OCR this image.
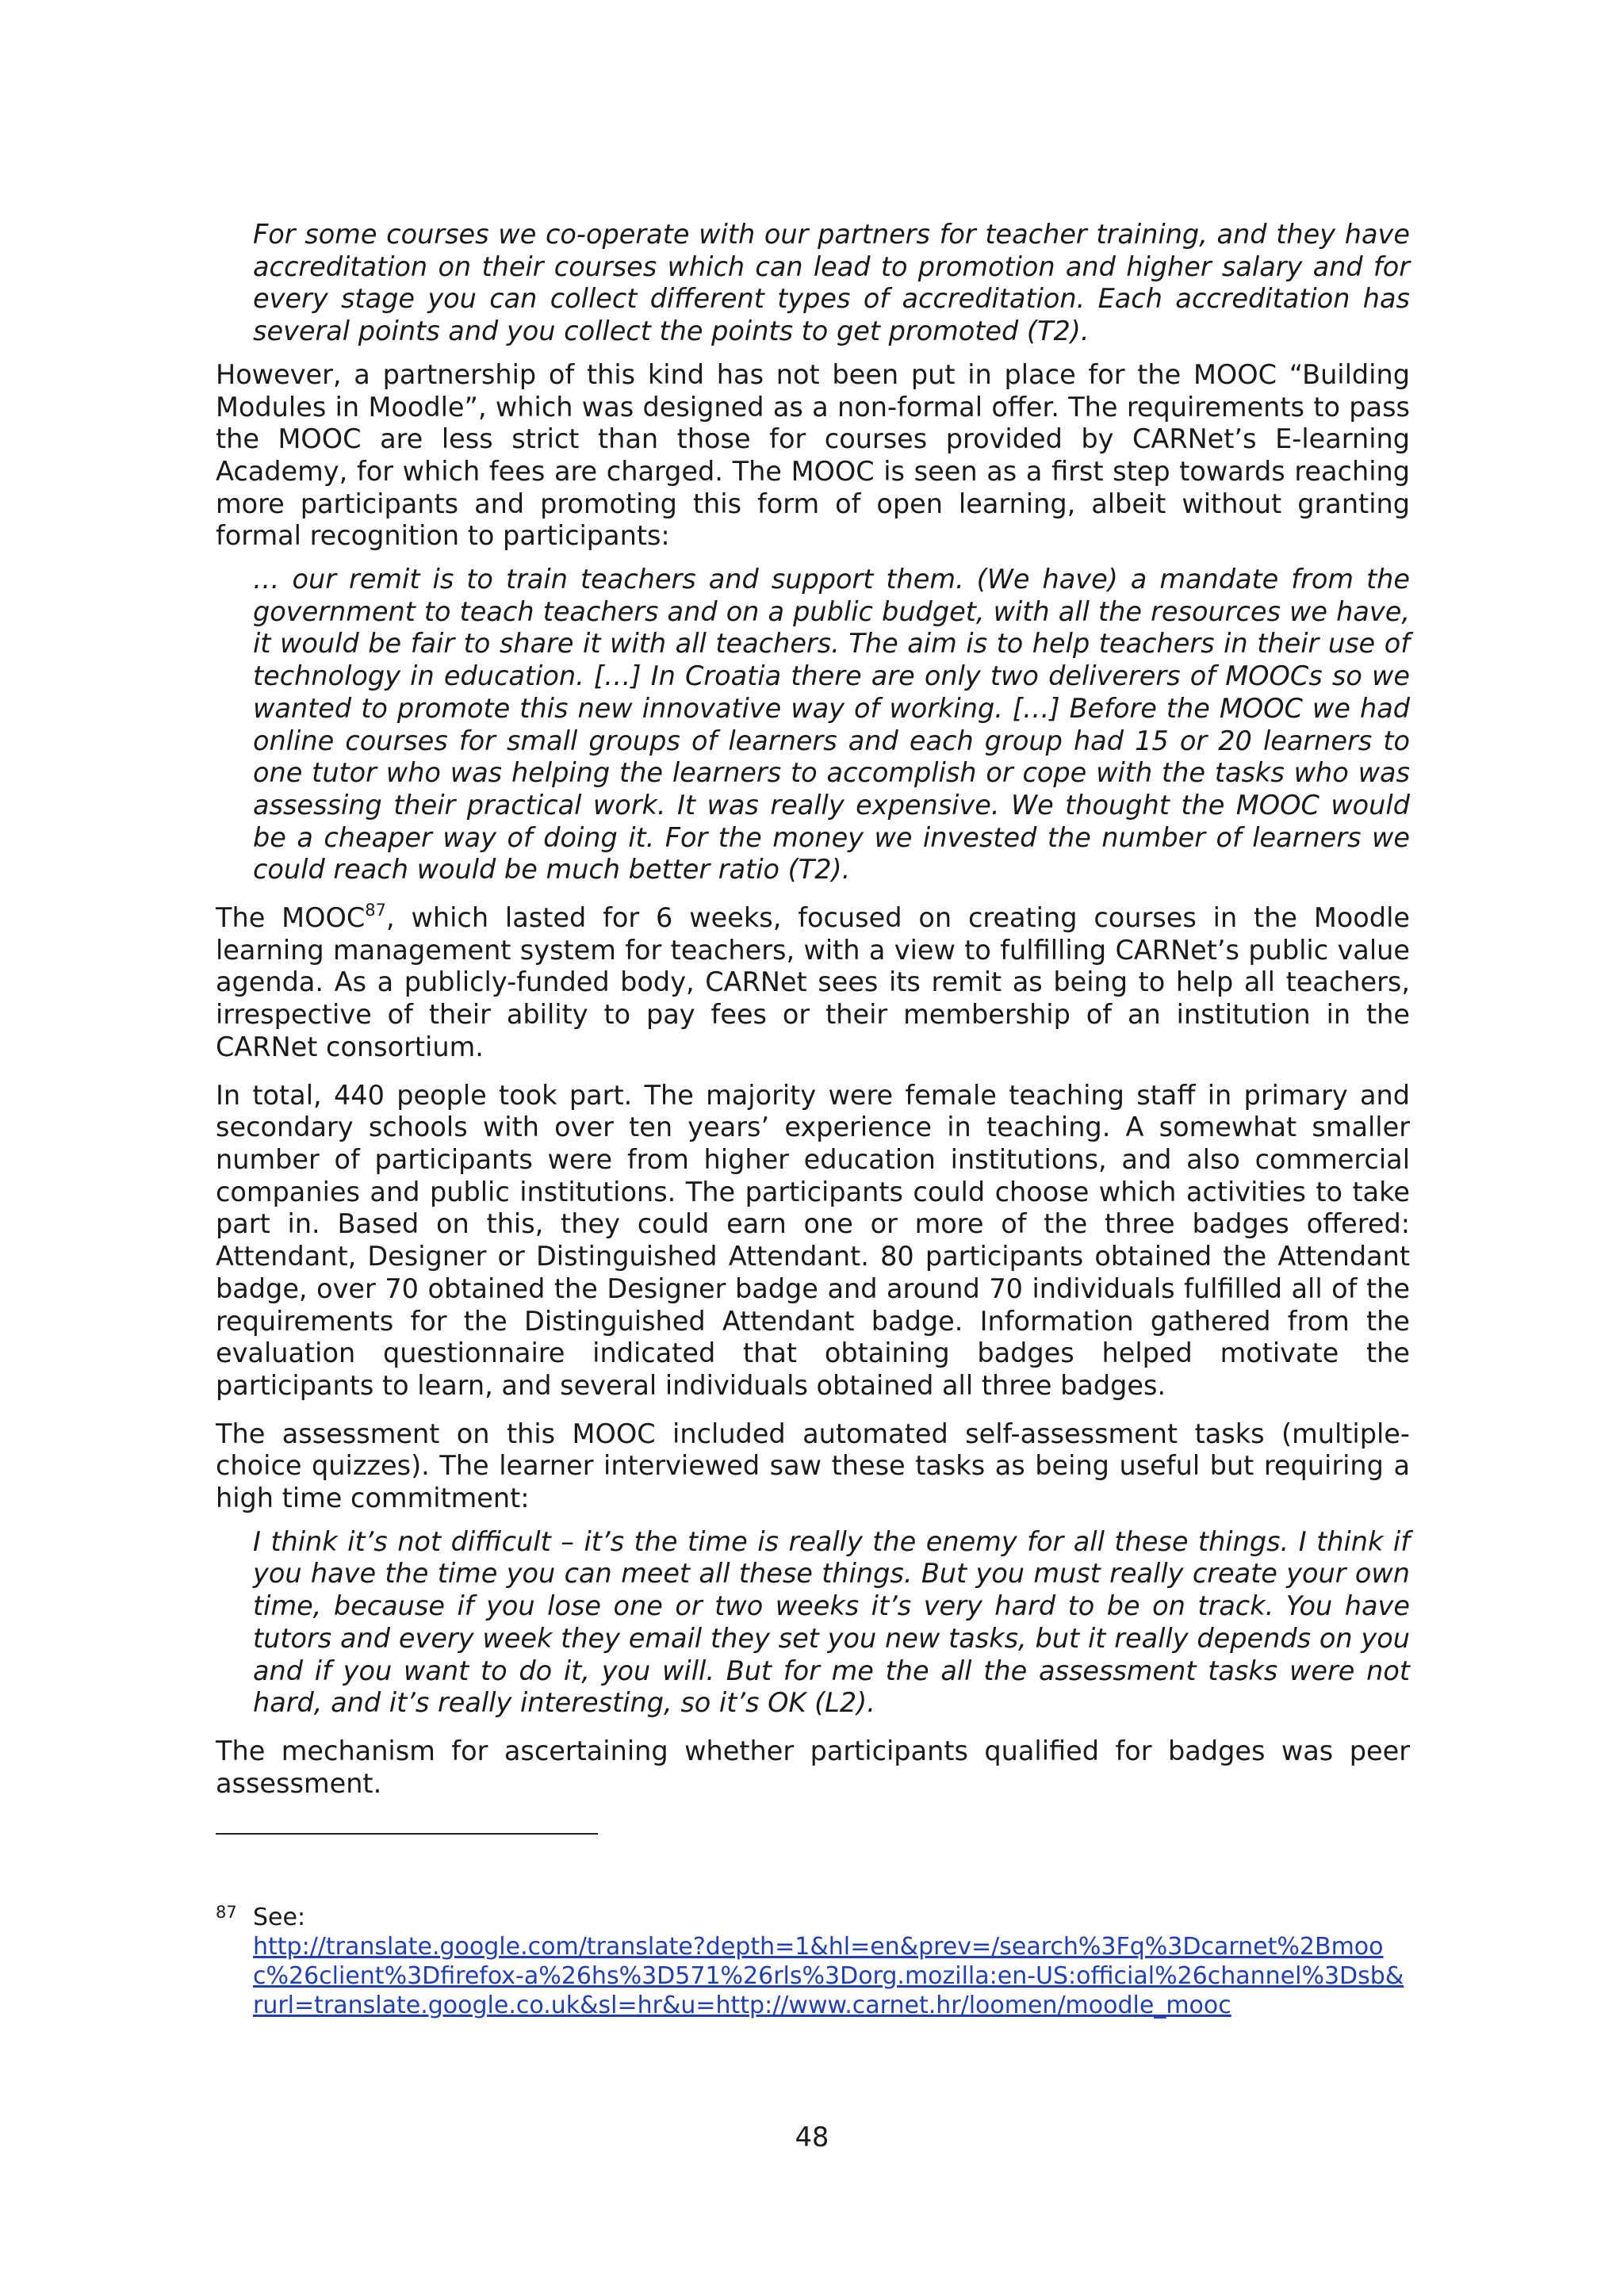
For some courses we co-operate with our partners for teacher training, and they have accreditation on their courses which can lead to promotion and higher salary and for every stage you can collect different types of accreditation. Each accreditation has several points and you collect the points to get promoted (T2).

However, a partnership of this kind has not been put in place for the MOOC “Building Modules in Moodle”, which was designed as a non-formal offer. The requirements to pass the MOOC are less strict than those for courses provided by CARNet’s E-learning Academy, for which fees are charged. The MOOC is seen as a first step towards reaching more participants and promoting this form of open learning, albeit without granting formal recognition to participants:

… our remit is to train teachers and support them. (We have) a mandate from the government to teach teachers and on a public budget, with all the resources we have, it would be fair to share it with all teachers. The aim is to help teachers in their use of technology in education. […] In Croatia there are only two deliverers of MOOCs so we wanted to promote this new innovative way of working. […] Before the MOOC we had online courses for small groups of learners and each group had 15 or 20 learners to one tutor who was helping the learners to accomplish or cope with the tasks who was assessing their practical work. It was really expensive. We thought the MOOC would be a cheaper way of doing it. For the money we invested the number of learners we could reach would be much better ratio (T2).

The MOOC$^{87}$, which lasted for 6 weeks, focused on creating courses in the Moodle learning management system for teachers, with a view to fulfilling CARNet’s public value agenda. As a publicly-funded body, CARNet sees its remit as being to help all teachers, irrespective of their ability to pay fees or their membership of an institution in the CARNet consortium.

In total, 440 people took part. The majority were female teaching staff in primary and secondary schools with over ten years’ experience in teaching. A somewhat smaller number of participants were from higher education institutions, and also commercial companies and public institutions. The participants could choose which activities to take part in. Based on this, they could earn one or more of the three badges offered: Attendant, Designer or Distinguished Attendant. 80 participants obtained the Attendant badge, over 70 obtained the Designer badge and around 70 individuals fulfilled all of the requirements for the Distinguished Attendant badge. Information gathered from the evaluation questionnaire indicated that obtaining badges helped motivate the participants to learn, and several individuals obtained all three badges.

The assessment on this MOOC included automated self-assessment tasks (multiple-choice quizzes). The learner interviewed saw these tasks as being useful but requiring a high time commitment:

I think it’s not difficult – it’s the time is really the enemy for all these things. I think if you have the time you can meet all these things. But you must really create your own time, because if you lose one or two weeks it’s very hard to be on track. You have tutors and every week they email they set you new tasks, but it really depends on you and if you want to do it, you will. But for me the all the assessment tasks were not hard, and it’s really interesting, so it’s OK (L2).

The mechanism for ascertaining whether participants qualified for badges was peer assessment.

87 See:
http://translate.google.com/translate?depth=1&hl=en&prev=/search%3Fq%3Dcarnet%2Bmooc%26client%3Dfirefox-a%26hs%3D571%26rls%3Dorg.mozilla:en-US:official%26channel%3Dsb&rurl=translate.google.co.uk&sl=hr&u=http://www.carnet.hr/loomen/moodle_mooc
48
